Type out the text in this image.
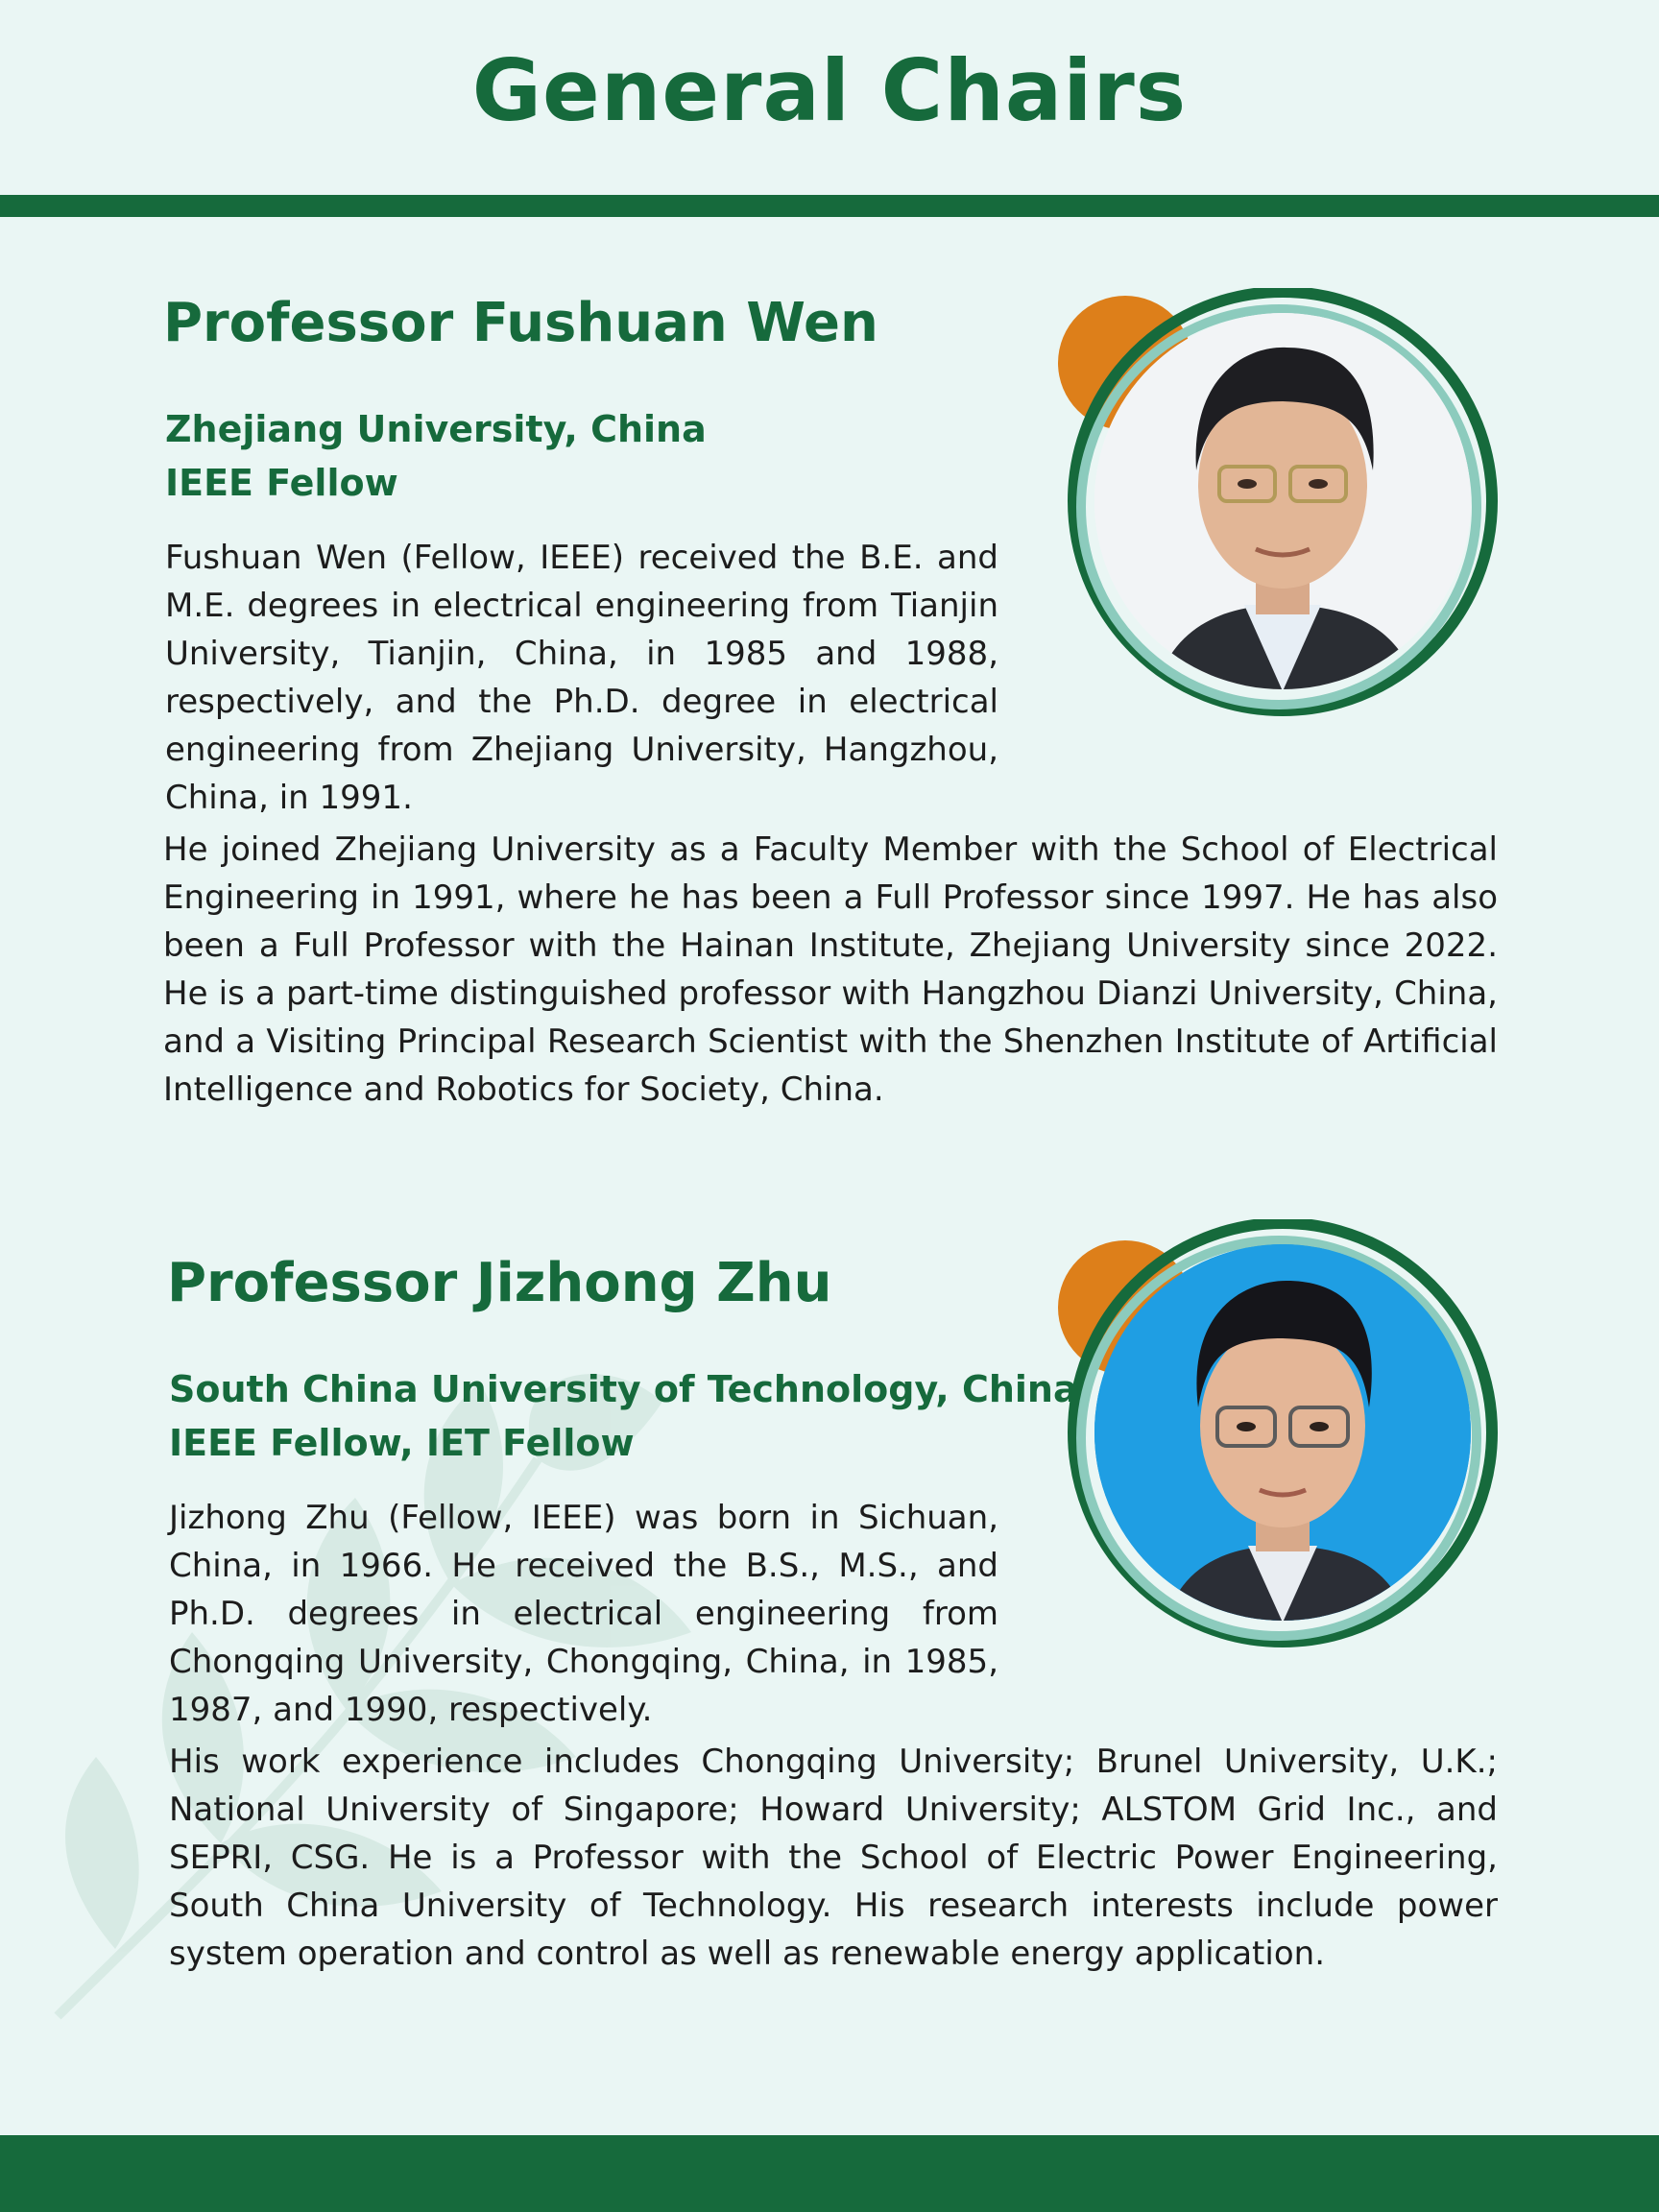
General Chairs
Professor Fushuan Wen

Zhejiang University, China

IEEE Fellow

Fushuan Wen (Fellow, IEEE) received the B.E. and M.E. degrees in electrical engineering from Tianjin University, Tianjin, China, in 1985 and 1988, respectively, and the Ph.D. degree in electrical engineering from Zhejiang University, Hangzhou, China, in 1991.

He joined Zhejiang University as a Faculty Member with the School of Electrical Engineering in 1991, where he has been a Full Professor since 1997. He has also been a Full Professor with the Hainan Institute, Zhejiang University since 2022. He is a part-time distinguished professor with Hangzhou Dianzi University, China, and a Visiting Principal Research Scientist with the Shenzhen Institute of Artificial Intelligence and Robotics for Society, China.

Professor Jizhong Zhu

South China University of Technology, China

IEEE Fellow, IET Fellow

Jizhong Zhu (Fellow, IEEE) was born in Sichuan, China, in 1966. He received the B.S., M.S., and Ph.D. degrees in electrical engineering from Chongqing University, Chongqing, China, in 1985, 1987, and 1990, respectively.

His work experience includes Chongqing University; Brunel University, U.K.; National University of Singapore; Howard University; ALSTOM Grid Inc., and SEPRI, CSG. He is a Professor with the School of Electric Power Engineering, South China University of Technology. His research interests include power system operation and control as well as renewable energy application.
